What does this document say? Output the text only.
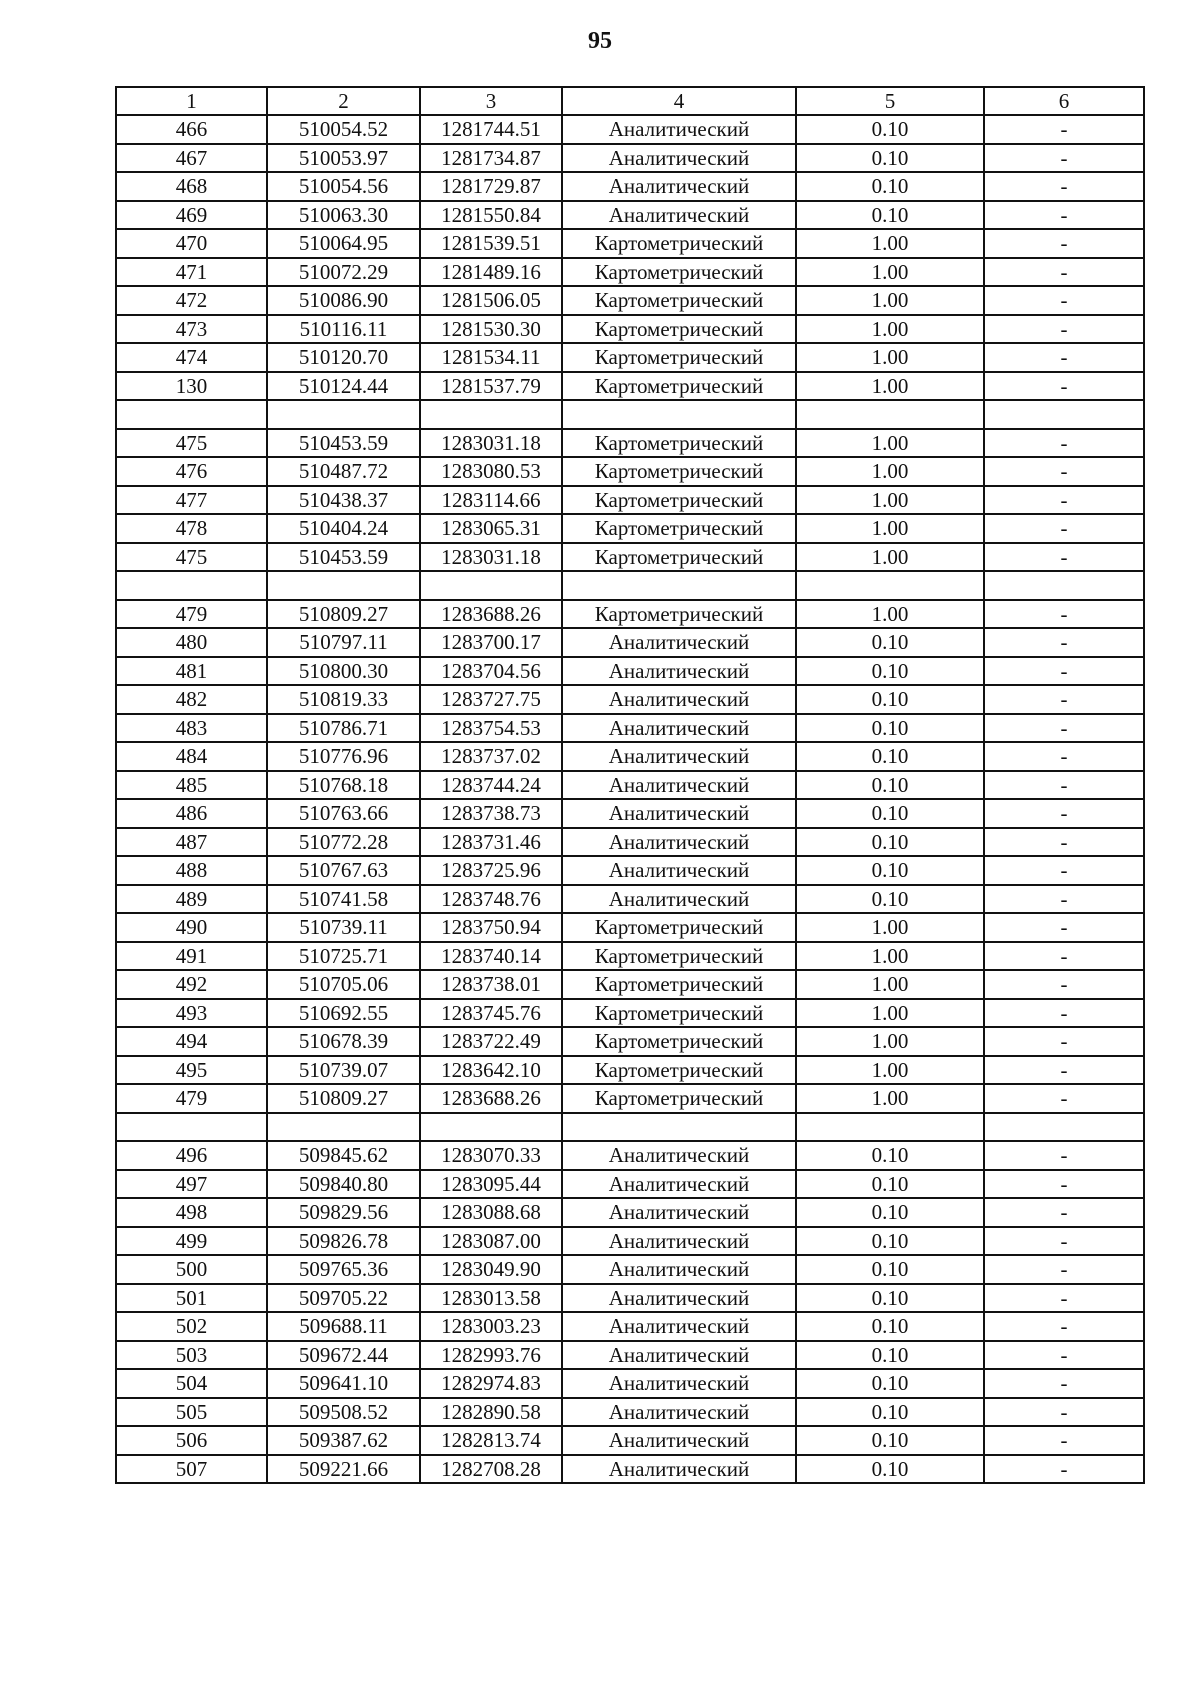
95
1	2	3	4	5	6
466	510054.52	1281744.51	Аналитический	0.10	-
467	510053.97	1281734.87	Аналитический	0.10	-
468	510054.56	1281729.87	Аналитический	0.10	-
469	510063.30	1281550.84	Аналитический	0.10	-
470	510064.95	1281539.51	Картометрический	1.00	-
471	510072.29	1281489.16	Картометрический	1.00	-
472	510086.90	1281506.05	Картометрический	1.00	-
473	510116.11	1281530.30	Картометрический	1.00	-
474	510120.70	1281534.11	Картометрический	1.00	-
130	510124.44	1281537.79	Картометрический	1.00	-

475	510453.59	1283031.18	Картометрический	1.00	-
476	510487.72	1283080.53	Картометрический	1.00	-
477	510438.37	1283114.66	Картометрический	1.00	-
478	510404.24	1283065.31	Картометрический	1.00	-
475	510453.59	1283031.18	Картометрический	1.00	-

479	510809.27	1283688.26	Картометрический	1.00	-
480	510797.11	1283700.17	Аналитический	0.10	-
481	510800.30	1283704.56	Аналитический	0.10	-
482	510819.33	1283727.75	Аналитический	0.10	-
483	510786.71	1283754.53	Аналитический	0.10	-
484	510776.96	1283737.02	Аналитический	0.10	-
485	510768.18	1283744.24	Аналитический	0.10	-
486	510763.66	1283738.73	Аналитический	0.10	-
487	510772.28	1283731.46	Аналитический	0.10	-
488	510767.63	1283725.96	Аналитический	0.10	-
489	510741.58	1283748.76	Аналитический	0.10	-
490	510739.11	1283750.94	Картометрический	1.00	-
491	510725.71	1283740.14	Картометрический	1.00	-
492	510705.06	1283738.01	Картометрический	1.00	-
493	510692.55	1283745.76	Картометрический	1.00	-
494	510678.39	1283722.49	Картометрический	1.00	-
495	510739.07	1283642.10	Картометрический	1.00	-
479	510809.27	1283688.26	Картометрический	1.00	-

496	509845.62	1283070.33	Аналитический	0.10	-
497	509840.80	1283095.44	Аналитический	0.10	-
498	509829.56	1283088.68	Аналитический	0.10	-
499	509826.78	1283087.00	Аналитический	0.10	-
500	509765.36	1283049.90	Аналитический	0.10	-
501	509705.22	1283013.58	Аналитический	0.10	-
502	509688.11	1283003.23	Аналитический	0.10	-
503	509672.44	1282993.76	Аналитический	0.10	-
504	509641.10	1282974.83	Аналитический	0.10	-
505	509508.52	1282890.58	Аналитический	0.10	-
506	509387.62	1282813.74	Аналитический	0.10	-
507	509221.66	1282708.28	Аналитический	0.10	-
